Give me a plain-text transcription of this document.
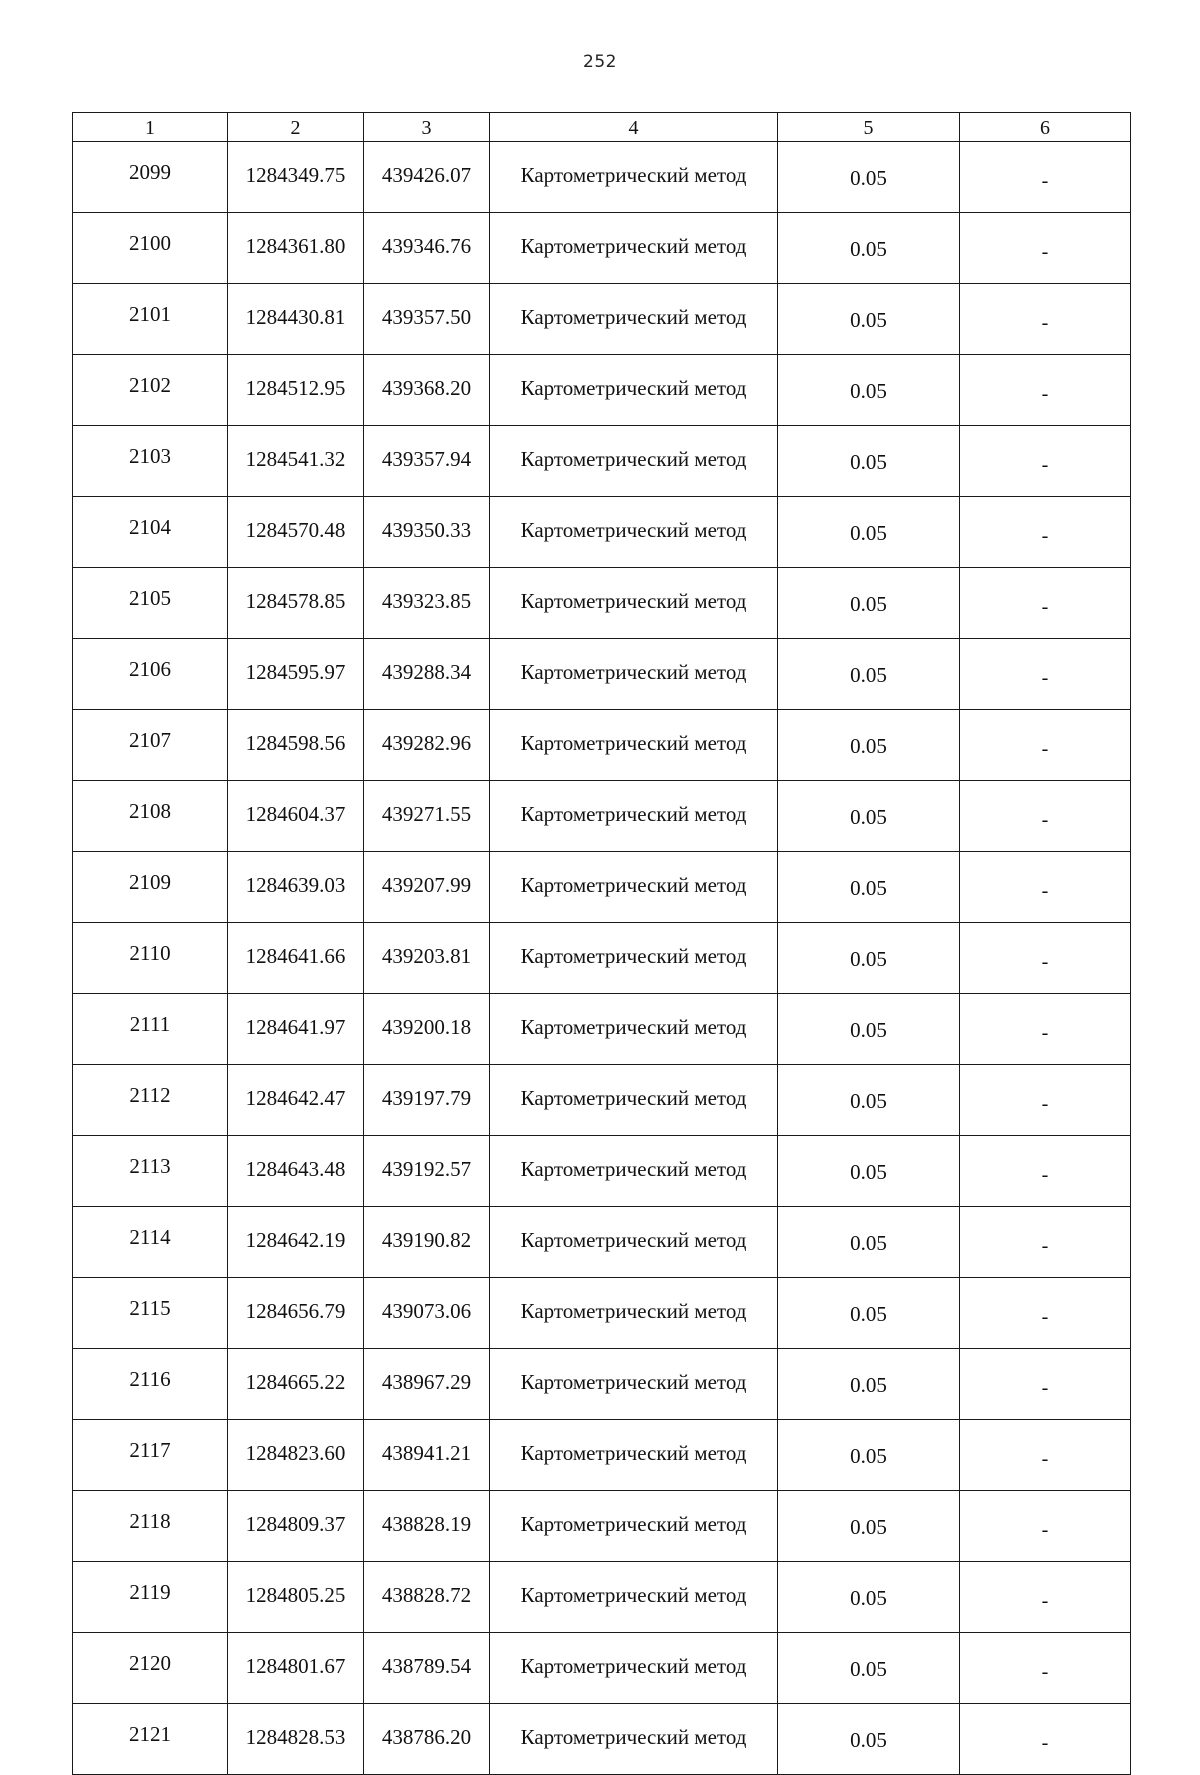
252
1	2	3	4	5	6
2099	1284349.75	439426.07	Картометрический метод	0.05	-
2100	1284361.80	439346.76	Картометрический метод	0.05	-
2101	1284430.81	439357.50	Картометрический метод	0.05	-
2102	1284512.95	439368.20	Картометрический метод	0.05	-
2103	1284541.32	439357.94	Картометрический метод	0.05	-
2104	1284570.48	439350.33	Картометрический метод	0.05	-
2105	1284578.85	439323.85	Картометрический метод	0.05	-
2106	1284595.97	439288.34	Картометрический метод	0.05	-
2107	1284598.56	439282.96	Картометрический метод	0.05	-
2108	1284604.37	439271.55	Картометрический метод	0.05	-
2109	1284639.03	439207.99	Картометрический метод	0.05	-
2110	1284641.66	439203.81	Картометрический метод	0.05	-
2111	1284641.97	439200.18	Картометрический метод	0.05	-
2112	1284642.47	439197.79	Картометрический метод	0.05	-
2113	1284643.48	439192.57	Картометрический метод	0.05	-
2114	1284642.19	439190.82	Картометрический метод	0.05	-
2115	1284656.79	439073.06	Картометрический метод	0.05	-
2116	1284665.22	438967.29	Картометрический метод	0.05	-
2117	1284823.60	438941.21	Картометрический метод	0.05	-
2118	1284809.37	438828.19	Картометрический метод	0.05	-
2119	1284805.25	438828.72	Картометрический метод	0.05	-
2120	1284801.67	438789.54	Картометрический метод	0.05	-
2121	1284828.53	438786.20	Картометрический метод	0.05	-
